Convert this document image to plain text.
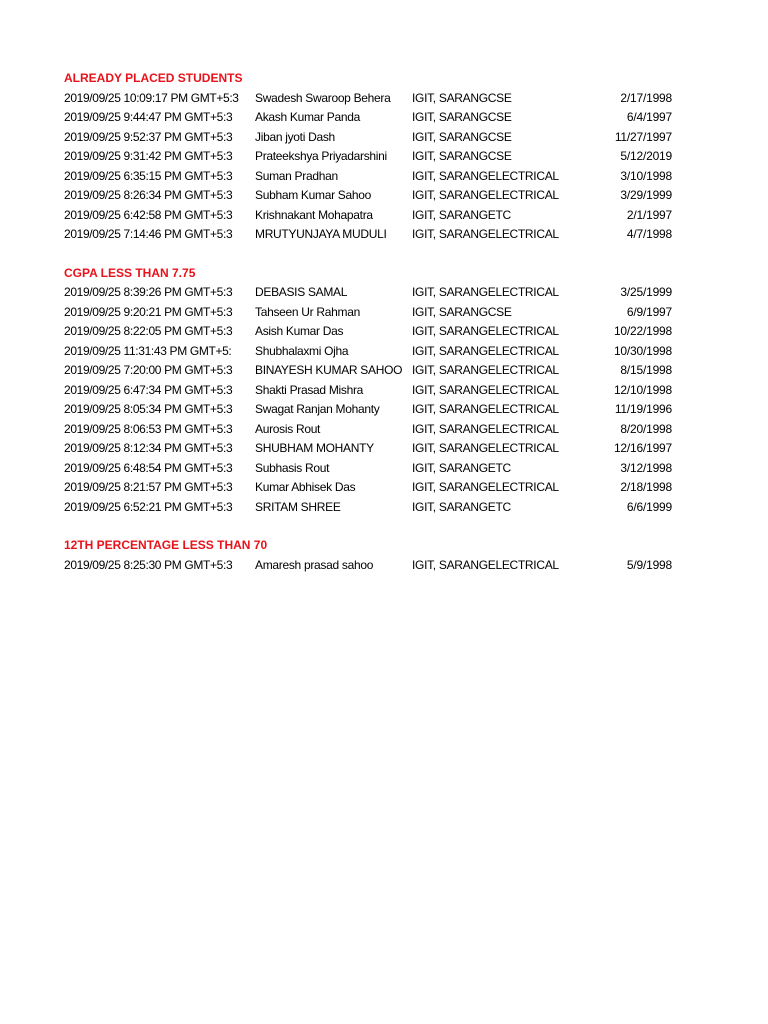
ALREADY PLACED STUDENTS
2019/09/25 10:09:17 PM GMT+5:3	Swadesh Swaroop Behera	IGIT, SARANGCSE	2/17/1998
2019/09/25 9:44:47 PM GMT+5:3	Akash Kumar Panda	IGIT, SARANGCSE	6/4/1997
2019/09/25 9:52:37 PM GMT+5:3	Jiban jyoti Dash	IGIT, SARANGCSE	11/27/1997
2019/09/25 9:31:42 PM GMT+5:3	Prateekshya Priyadarshini	IGIT, SARANGCSE	5/12/2019
2019/09/25 6:35:15 PM GMT+5:3	Suman Pradhan	IGIT, SARANGELECTRICAL	3/10/1998
2019/09/25 8:26:34 PM GMT+5:3	Subham Kumar Sahoo	IGIT, SARANGELECTRICAL	3/29/1999
2019/09/25 6:42:58 PM GMT+5:3	Krishnakant Mohapatra	IGIT, SARANGETC	2/1/1997
2019/09/25 7:14:46 PM GMT+5:3	MRUTYUNJAYA MUDULI	IGIT, SARANGELECTRICAL	4/7/1998
CGPA LESS THAN 7.75
2019/09/25 8:39:26 PM GMT+5:3	DEBASIS SAMAL	IGIT, SARANGELECTRICAL	3/25/1999
2019/09/25 9:20:21 PM GMT+5:3	Tahseen Ur Rahman	IGIT, SARANGCSE	6/9/1997
2019/09/25 8:22:05 PM GMT+5:3	Asish Kumar Das	IGIT, SARANGELECTRICAL	10/22/1998
2019/09/25 11:31:43 PM GMT+5:	Shubhalaxmi Ojha	IGIT, SARANGELECTRICAL	10/30/1998
2019/09/25 7:20:00 PM GMT+5:3	BINAYESH KUMAR SAHOO IGIT, SARANGELECTRICAL	8/15/1998
2019/09/25 6:47:34 PM GMT+5:3	Shakti Prasad Mishra	IGIT, SARANGELECTRICAL	12/10/1998
2019/09/25 8:05:34 PM GMT+5:3	Swagat Ranjan Mohanty	IGIT, SARANGELECTRICAL	11/19/1996
2019/09/25 8:06:53 PM GMT+5:3	Aurosis Rout	IGIT, SARANGELECTRICAL	8/20/1998
2019/09/25 8:12:34 PM GMT+5:3	SHUBHAM MOHANTY	IGIT, SARANGELECTRICAL	12/16/1997
2019/09/25 6:48:54 PM GMT+5:3	Subhasis Rout	IGIT, SARANGETC	3/12/1998
2019/09/25 8:21:57 PM GMT+5:3	Kumar Abhisek Das	IGIT, SARANGELECTRICAL	2/18/1998
2019/09/25 6:52:21 PM GMT+5:3	SRITAM SHREE	IGIT, SARANGETC	6/6/1999
12TH PERCENTAGE LESS THAN 70
2019/09/25 8:25:30 PM GMT+5:3	Amaresh prasad sahoo	IGIT, SARANGELECTRICAL	5/9/1998
